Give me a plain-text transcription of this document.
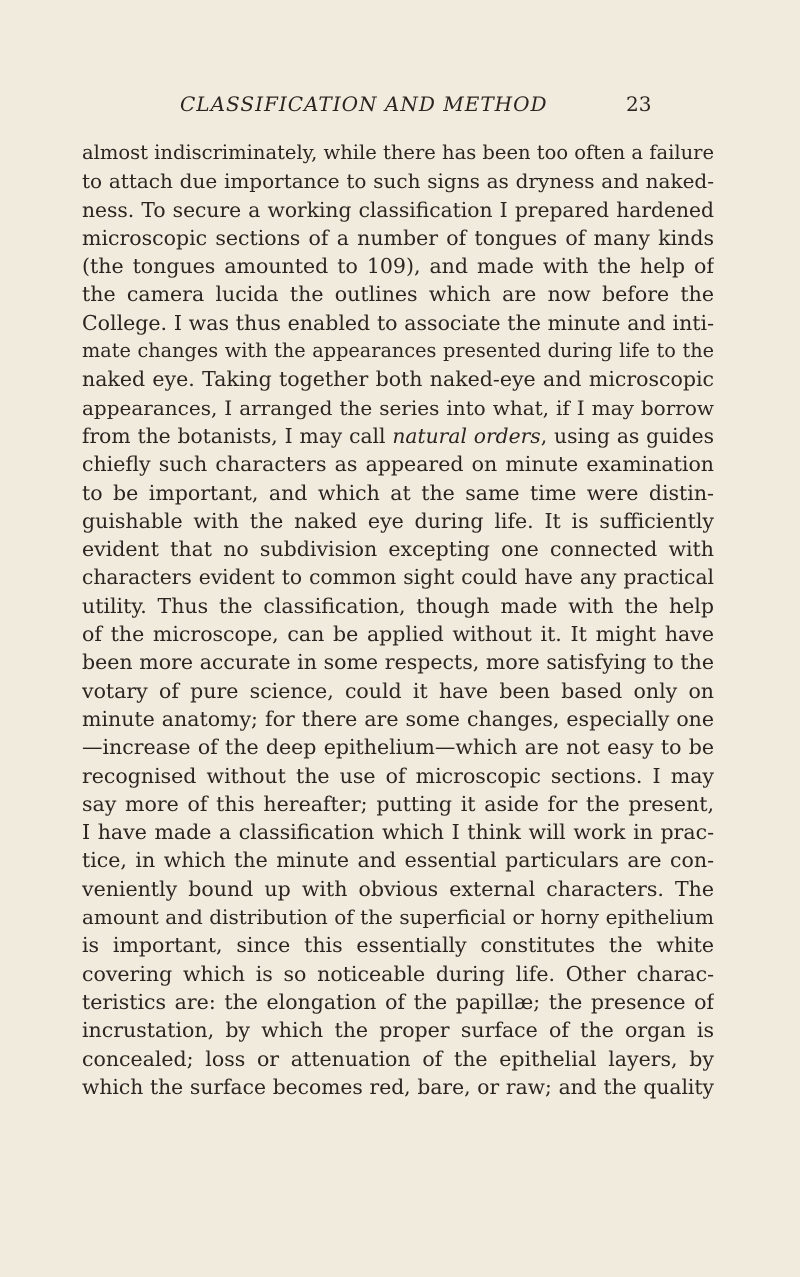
CLASSIFICATION AND METHOD	23
almost indiscriminately, while there has been too often a failure
to attach due importance to such signs as dryness and naked-
ness. To secure a working classification I prepared hardened
microscopic sections of a number of tongues of many kinds
(the tongues amounted to 109), and made with the help of
the camera lucida the outlines which are now before the
College. I was thus enabled to associate the minute and inti-
mate changes with the appearances presented during life to the
naked eye. Taking together both naked-eye and microscopic
appearances, I arranged the series into what, if I may borrow
from the botanists, I may call natural orders, using as guides
chiefly such characters as appeared on minute examination
to be important, and which at the same time were distin-
guishable with the naked eye during life. It is sufficiently
evident that no subdivision excepting one connected with
characters evident to common sight could have any practical
utility. Thus the classification, though made with the help
of the microscope, can be applied without it. It might have
been more accurate in some respects, more satisfying to the
votary of pure science, could it have been based only on
minute anatomy; for there are some changes, especially one
—increase of the deep epithelium—which are not easy to be
recognised without the use of microscopic sections. I may
say more of this hereafter; putting it aside for the present,
I have made a classification which I think will work in prac-
tice, in which the minute and essential particulars are con-
veniently bound up with obvious external characters. The
amount and distribution of the superficial or horny epithelium
is important, since this essentially constitutes the white
covering which is so noticeable during life. Other charac-
teristics are: the elongation of the papillæ; the presence of
incrustation, by which the proper surface of the organ is
concealed; loss or attenuation of the epithelial layers, by
which the surface becomes red, bare, or raw; and the quality
